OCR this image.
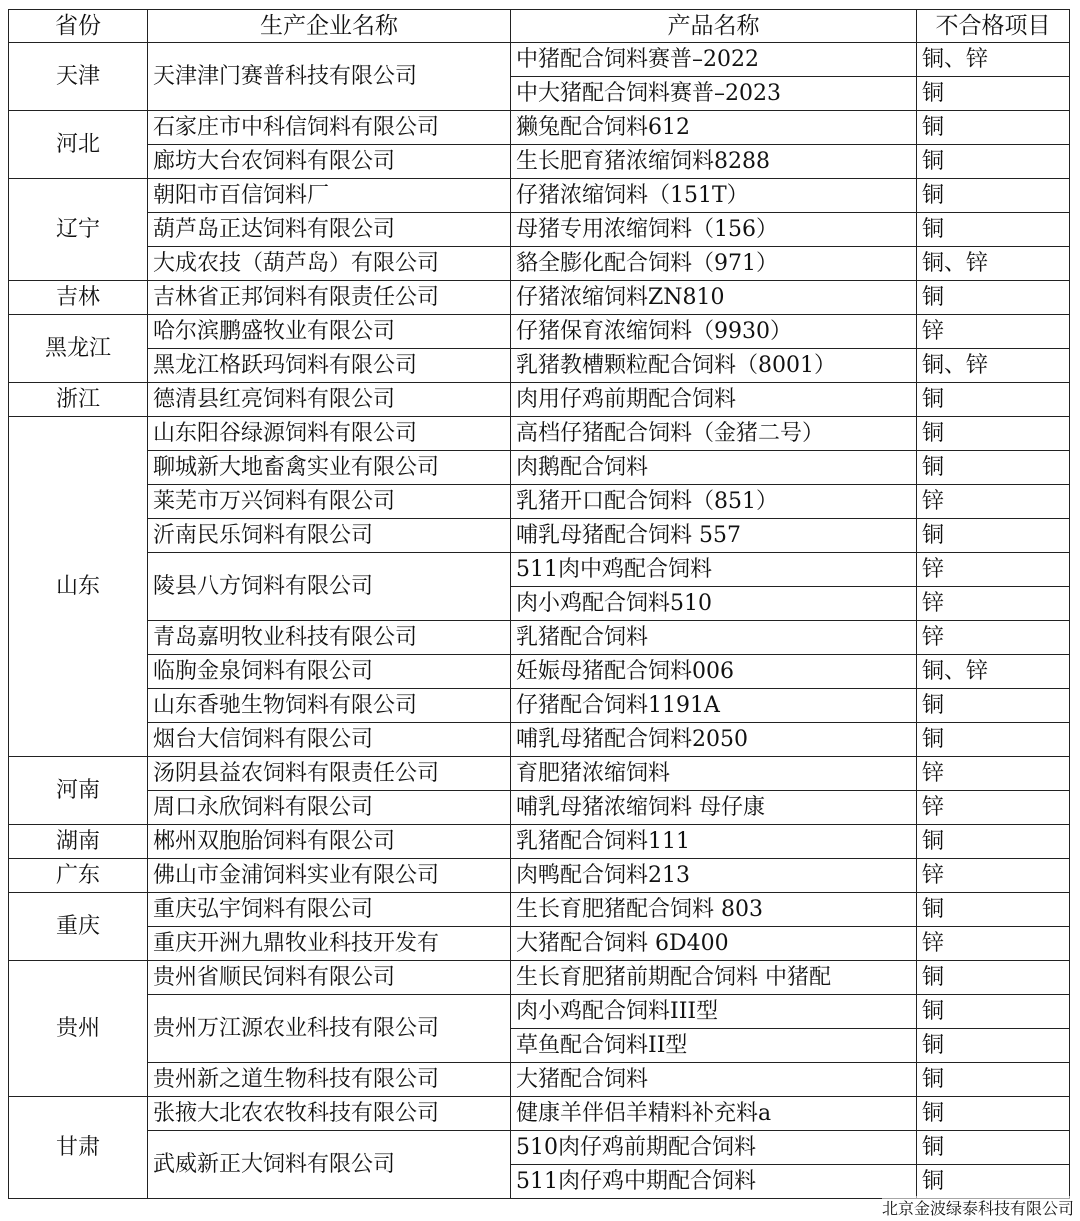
省份	生产企业名称	产品名称	不合格项目
天津	天津津门赛普科技有限公司	中猪配合饲料赛普–2022	铜、锌
		中大猪配合饲料赛普–2023	铜
河北	石家庄市中科信饲料有限公司	獭兔配合饲料612	铜
	廊坊大台农饲料有限公司	生长肥育猪浓缩饲料8288	铜
辽宁	朝阳市百信饲料厂	仔猪浓缩饲料（151T）	铜
	葫芦岛正达饲料有限公司	母猪专用浓缩饲料（156）	铜
	大成农技（葫芦岛）有限公司	貉全膨化配合饲料（971）	铜、锌
吉林	吉林省正邦饲料有限责任公司	仔猪浓缩饲料ZN810	铜
黑龙江	哈尔滨鹏盛牧业有限公司	仔猪保育浓缩饲料（9930）	锌
	黑龙江格跃玛饲料有限公司	乳猪教槽颗粒配合饲料（8001）	铜、锌
浙江	德清县红亮饲料有限公司	肉用仔鸡前期配合饲料	铜
山东	山东阳谷绿源饲料有限公司	高档仔猪配合饲料（金猪二号）	铜
	聊城新大地畜禽实业有限公司	肉鹅配合饲料	铜
	莱芜市万兴饲料有限公司	乳猪开口配合饲料（851）	锌
	沂南民乐饲料有限公司	哺乳母猪配合饲料 557	铜
	陵县八方饲料有限公司	511肉中鸡配合饲料	锌
		肉小鸡配合饲料510	锌
	青岛嘉明牧业科技有限公司	乳猪配合饲料	锌
	临朐金泉饲料有限公司	妊娠母猪配合饲料006	铜、锌
	山东香驰生物饲料有限公司	仔猪配合饲料1191A	铜
	烟台大信饲料有限公司	哺乳母猪配合饲料2050	铜
河南	汤阴县益农饲料有限责任公司	育肥猪浓缩饲料	锌
	周口永欣饲料有限公司	哺乳母猪浓缩饲料 母仔康	锌
湖南	郴州双胞胎饲料有限公司	乳猪配合饲料111	铜
广东	佛山市金浦饲料实业有限公司	肉鸭配合饲料213	锌
重庆	重庆弘宇饲料有限公司	生长育肥猪配合饲料 803	铜
	重庆开洲九鼎牧业科技开发有	大猪配合饲料 6D400	锌
贵州	贵州省顺民饲料有限公司	生长育肥猪前期配合饲料 中猪配	铜
	贵州万江源农业科技有限公司	肉小鸡配合饲料III型	铜
		草鱼配合饲料II型	铜
	贵州新之道生物科技有限公司	大猪配合饲料	铜
甘肃	张掖大北农农牧科技有限公司	健康羊伴侣羊精料补充料a	铜
	武威新正大饲料有限公司	510肉仔鸡前期配合饲料	铜
		511肉仔鸡中期配合饲料	铜
北京金波绿泰科技有限公司
